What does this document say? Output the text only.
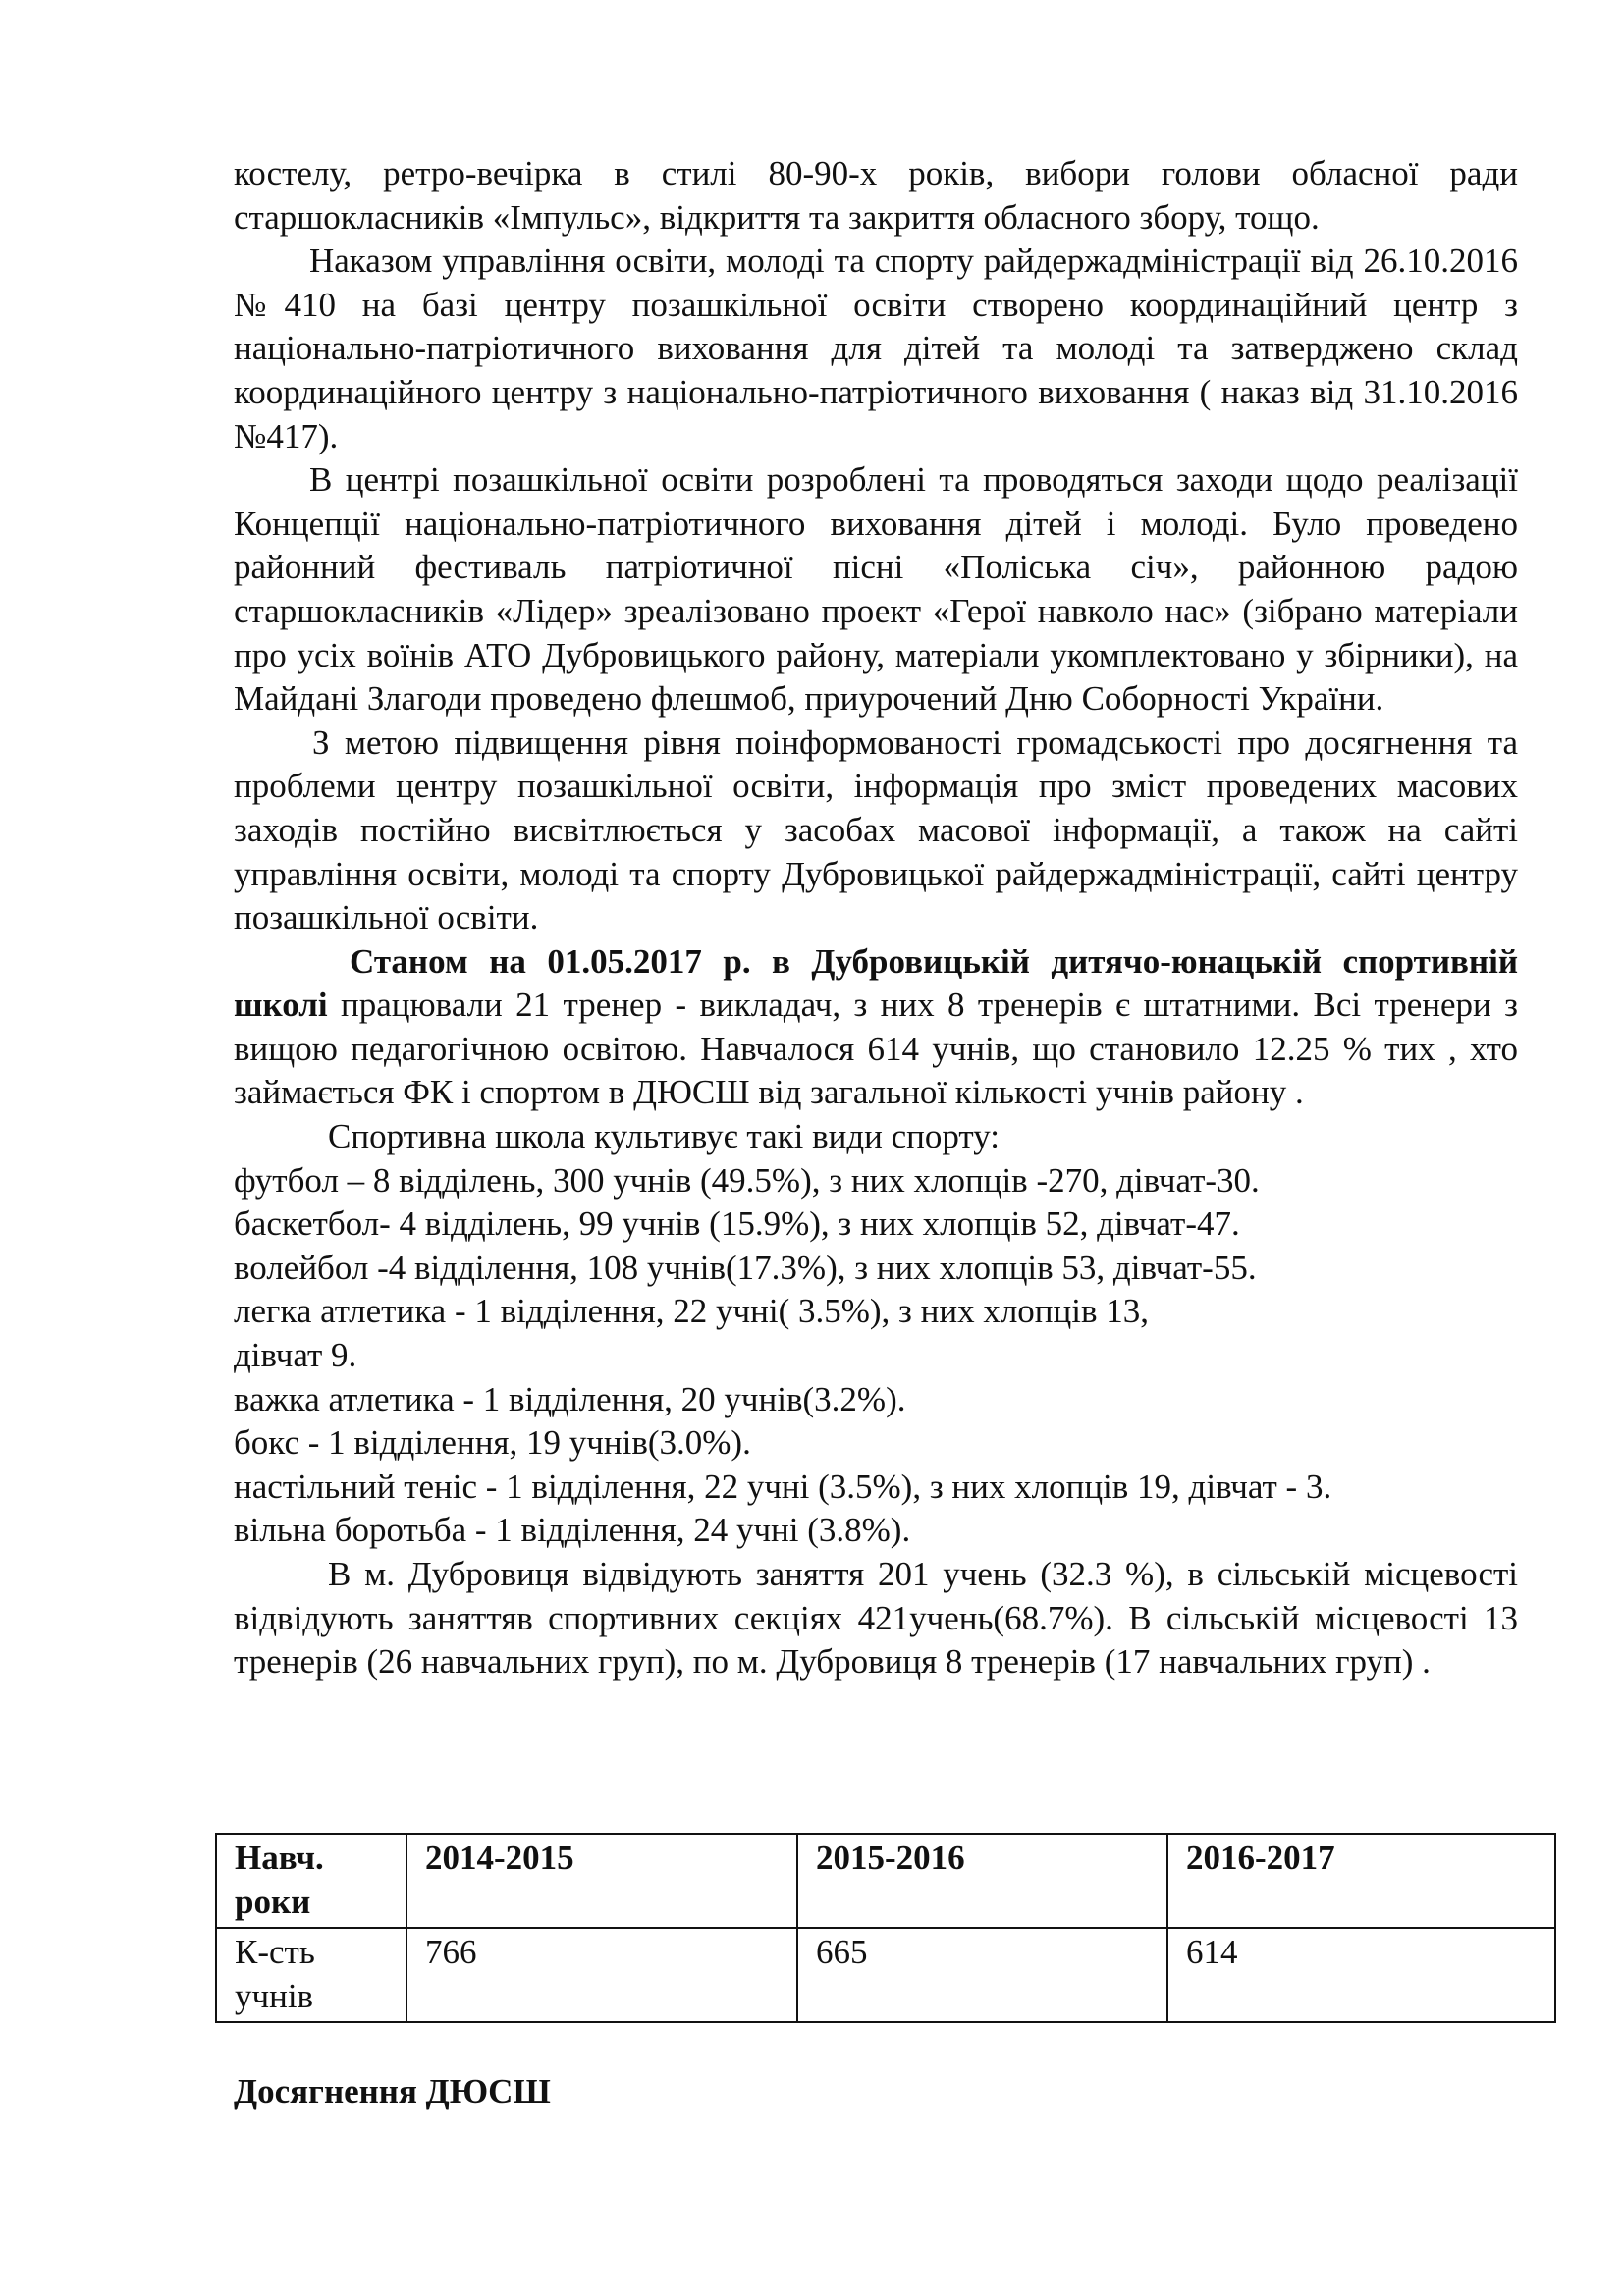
костелу, ретро-вечірка в стилі 80-90-х років, вибори голови обласної ради старшокласників «Імпульс», відкриття та закриття обласного збору, тощо.

Наказом управління освіти, молоді та спорту райдержадміністрації від 26.10.2016 №410 на базі центру позашкільної освіти створено координаційний центр з національно-патріотичного виховання для дітей та молоді та затверджено склад координаційного центру з національно-патріотичного виховання ( наказ від 31.10.2016 №417).

В центрі позашкільної освіти розроблені та проводяться заходи щодо реалізації Концепції національно-патріотичного виховання дітей і молоді. Було проведено районний фестиваль патріотичної пісні «Поліська січ», районною радою старшокласників «Лідер» зреалізовано проект «Герої навколо нас» (зібрано матеріали про усіх воїнів АТО Дубровицького району, матеріали укомплектовано у збірники), на Майдані Злагоди проведено флешмоб, приурочений Дню Соборності України.

З метою підвищення рівня поінформованості громадськості про досягнення та проблеми центру позашкільної освіти, інформація про зміст проведених масових заходів постійно висвітлюється у засобах масової інформації, а також на сайті управління освіти, молоді та спорту Дубровицької райдержадміністрації, сайті центру позашкільної освіти.

Станом на 01.05.2017 р. в Дубровицькій дитячо-юнацькій спортивній школі працювали 21 тренер - викладач, з них 8 тренерів є штатними. Всі тренери з вищою педагогічною освітою. Навчалося 614 учнів, що становило 12.25 % тих , хто займається ФК і спортом в ДЮСШ від загальної кількості учнів району .

Спортивна школа культивує такі види спорту:

футбол – 8 відділень, 300 учнів (49.5%), з них хлопців -270, дівчат-30.

баскетбол- 4 відділень, 99 учнів (15.9%), з них хлопців 52, дівчат-47.

волейбол -4 відділення, 108 учнів(17.3%), з них хлопців 53, дівчат-55.

легка атлетика - 1 відділення, 22 учні( 3.5%), з них хлопців 13,

дівчат 9.

важка атлетика - 1 відділення, 20 учнів(3.2%).

бокс - 1 відділення, 19 учнів(3.0%).

настільний теніс - 1 відділення, 22 учні (3.5%), з них хлопців 19, дівчат - 3.

вільна боротьба - 1 відділення, 24 учні (3.8%).

В м. Дубровиця відвідують заняття 201 учень (32.3 %), в сільській місцевості відвідують заняттяв спортивних секціях 421учень(68.7%). В сільській місцевості 13 тренерів (26 навчальних груп), по м. Дубровиця 8 тренерів (17 навчальних груп) .

Навч. роки	2014-2015	2015-2016	2016-2017
К-сть учнів	766	665	614

Досягнення ДЮСШ
